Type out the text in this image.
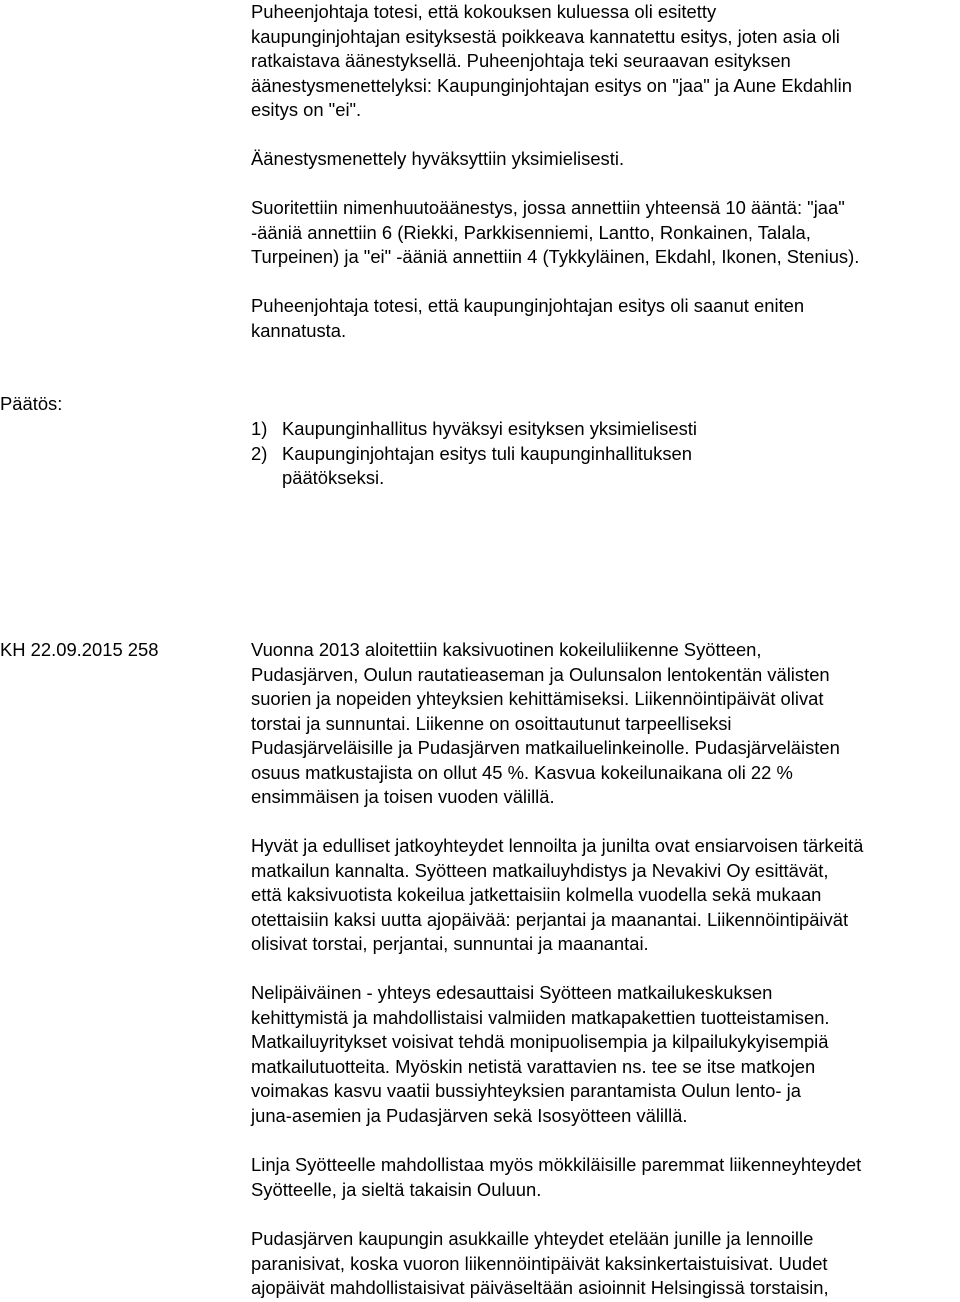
Puheenjohtaja totesi, että kokouksen kuluessa oli esitetty
kaupunginjohtajan esityksestä poikkeava kannatettu esitys, joten asia oli
ratkaistava äänestyksellä. Puheenjohtaja teki seuraavan esityksen
äänestysmenettelyksi: Kaupunginjohtajan esitys on "jaa" ja Aune Ekdahlin
esitys on "ei".

Äänestysmenettely hyväksyttiin yksimielisesti.

Suoritettiin nimenhuutoäänestys, jossa annettiin yhteensä 10 ääntä: "jaa"
-ääniä annettiin 6 (Riekki, Parkkisenniemi, Lantto, Ronkainen, Talala,
Turpeinen) ja "ei" -ääniä annettiin 4 (Tykkyläinen, Ekdahl, Ikonen, Stenius).

Puheenjohtaja totesi, että kaupunginjohtajan esitys oli saanut eniten
kannatusta.

Päätös:
1) Kaupunginhallitus hyväksyi esityksen yksimielisesti
2) Kaupunginjohtajan esitys tuli kaupunginhallituksen
päätökseksi.
KH 22.09.2015 258	Vuonna 2013 aloitettiin kaksivuotinen kokeiluliikenne Syötteen,
Pudasjärven, Oulun rautatieaseman ja Oulunsalon lentokentän välisten
suorien ja nopeiden yhteyksien kehittämiseksi. Liikennöintipäivät olivat
torstai ja sunnuntai. Liikenne on osoittautunut tarpeelliseksi
Pudasjärveläisille ja Pudasjärven matkailuelinkeinolle. Pudasjärveläisten
osuus matkustajista on ollut 45 %. Kasvua kokeilunaikana oli 22 %
ensimmäisen ja toisen vuoden välillä.

Hyvät ja edulliset jatkoyhteydet lennoilta ja junilta ovat ensiarvoisen tärkeitä
matkailun kannalta. Syötteen matkailuyhdistys ja Nevakivi Oy esittävät,
että kaksivuotista kokeilua jatkettaisiin kolmella vuodella sekä mukaan
otettaisiin kaksi uutta ajopäivää: perjantai ja maanantai. Liikennöintipäivät
olisivat torstai, perjantai, sunnuntai ja maanantai.

Nelipäiväinen - yhteys edesauttaisi Syötteen matkailukeskuksen
kehittymistä ja mahdollistaisi valmiiden matkapakettien tuotteistamisen.
Matkailuyritykset voisivat tehdä monipuolisempia ja kilpailukykyisempiä
matkailutuotteita. Myöskin netistä varattavien ns. tee se itse matkojen
voimakas kasvu vaatii bussiyhteyksien parantamista Oulun lento- ja
juna-asemien ja Pudasjärven sekä Isosyötteen välillä.

Linja Syötteelle mahdollistaa myös mökkiläisille paremmat liikenneyhteydet
Syötteelle, ja sieltä takaisin Ouluun.

Pudasjärven kaupungin asukkaille yhteydet etelään junille ja lennoille
paranisivat, koska vuoron liikennöintipäivät kaksinkertaistuisivat. Uudet
ajopäivät mahdollistaisivat päiväseltään asioinnit Helsingissä torstaisin,
